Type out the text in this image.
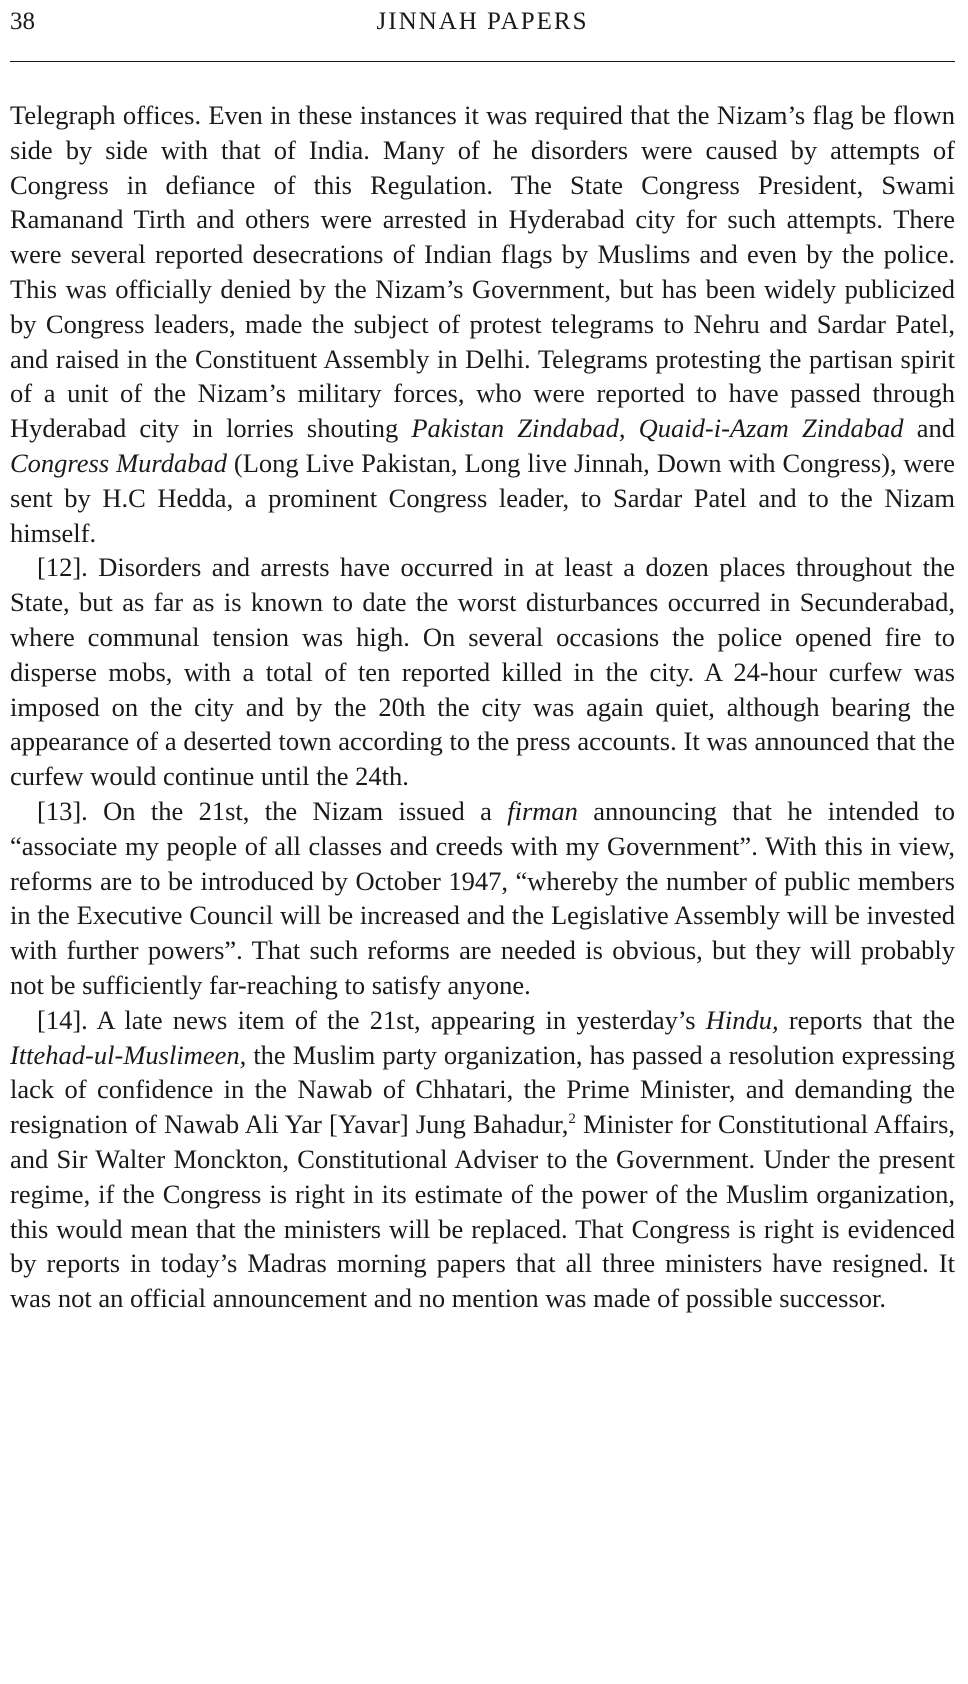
38	JINNAH PAPERS

Telegraph offices. Even in these instances it was required that the Nizam’s flag be flown side by side with that of India. Many of he disorders were caused by attempts of Congress in defiance of this Regulation. The State Congress President, Swami Ramanand Tirth and others were arrested in Hyderabad city for such attempts. There were several reported desecrations of Indian flags by Muslims and even by the police. This was officially denied by the Nizam’s Government, but has been widely publicized by Congress leaders, made the subject of protest telegrams to Nehru and Sardar Patel, and raised in the Constituent Assembly in Delhi. Telegrams protesting the partisan spirit of a unit of the Nizam’s military forces, who were reported to have passed through Hyderabad city in lorries shouting Pakistan Zindabad, Quaid-i-Azam Zindabad and Congress Murdabad (Long Live Pakistan, Long live Jinnah, Down with Congress), were sent by H.C Hedda, a prominent Congress leader, to Sardar Patel and to the Nizam himself.

[12]. Disorders and arrests have occurred in at least a dozen places throughout the State, but as far as is known to date the worst disturbances occurred in Secunderabad, where communal tension was high. On several occasions the police opened fire to disperse mobs, with a total of ten reported killed in the city. A 24-hour curfew was imposed on the city and by the 20th the city was again quiet, although bearing the appearance of a deserted town according to the press accounts. It was announced that the curfew would continue until the 24th.

[13]. On the 21st, the Nizam issued a firman announcing that he intended to “associate my people of all classes and creeds with my Government”. With this in view, reforms are to be introduced by October 1947, “whereby the number of public members in the Executive Council will be increased and the Legislative Assembly will be invested with further powers”. That such reforms are needed is obvious, but they will probably not be sufficiently far-reaching to satisfy anyone.

[14]. A late news item of the 21st, appearing in yesterday’s Hindu, reports that the Ittehad-ul-Muslimeen, the Muslim party organization, has passed a resolution expressing lack of confidence in the Nawab of Chhatari, the Prime Minister, and demanding the resignation of Nawab Ali Yar [Yavar] Jung Bahadur,$^2$ Minister for Constitutional Affairs, and Sir Walter Monckton, Constitutional Adviser to the Government. Under the present regime, if the Congress is right in its estimate of the power of the Muslim organization, this would mean that the ministers will be replaced. That Congress is right is evidenced by reports in today’s Madras morning papers that all three ministers have resigned. It was not an official announcement and no mention was made of possible successor.
